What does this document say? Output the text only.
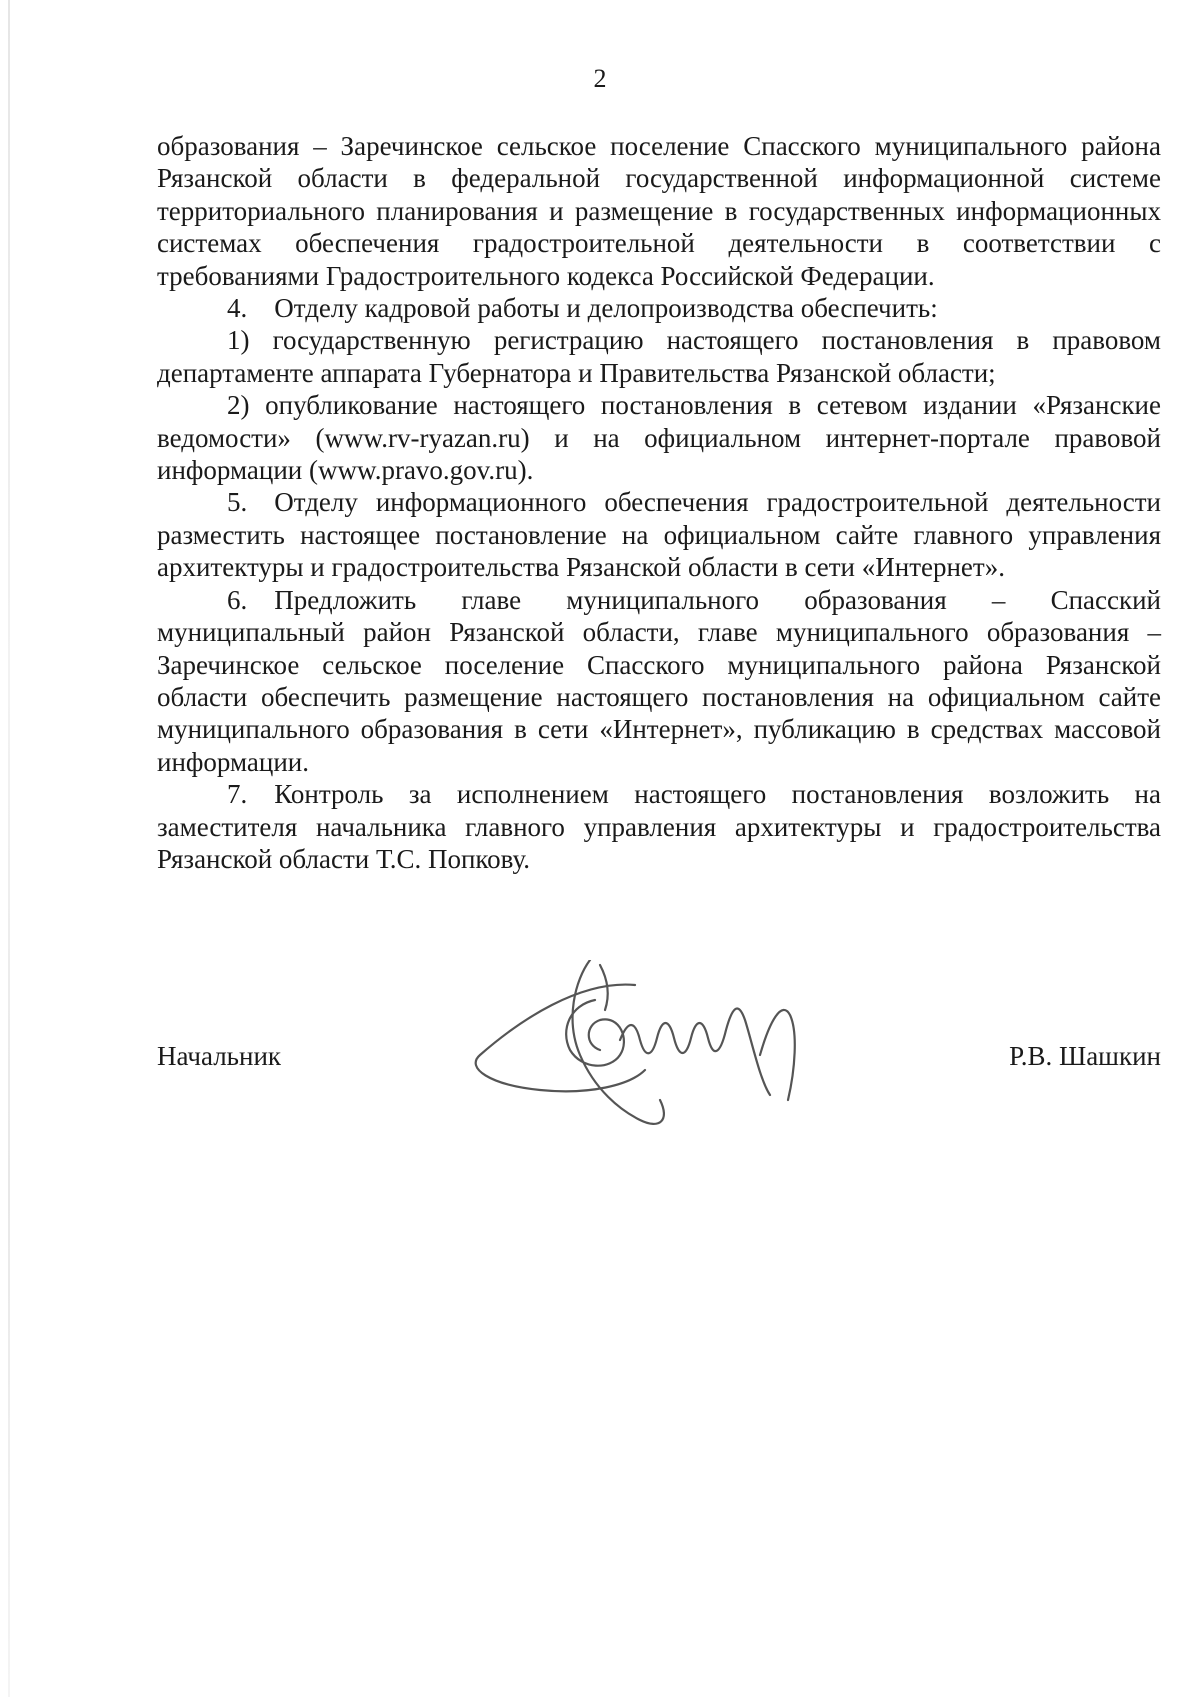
2

образования – Заречинское сельское поселение Спасского муниципального района Рязанской области в федеральной государственной информационной системе территориального планирования и размещение в государственных информационных системах обеспечения градостроительной деятельности в соответствии с требованиями Градостроительного кодекса Российской Федерации.

4. Отделу кадровой работы и делопроизводства обеспечить:

1) государственную регистрацию настоящего постановления в правовом департаменте аппарата Губернатора и Правительства Рязанской области;

2) опубликование настоящего постановления в сетевом издании «Рязанские ведомости» (www.rv-ryazan.ru) и на официальном интернет-портале правовой информации (www.pravo.gov.ru).

5. Отделу информационного обеспечения градостроительной деятельности разместить настоящее постановление на официальном сайте главного управления архитектуры и градостроительства Рязанской области в сети «Интернет».

6. Предложить главе муниципального образования – Спасский муниципальный район Рязанской области, главе муниципального образования – Заречинское сельское поселение Спасского муниципального района Рязанской области обеспечить размещение настоящего постановления на официальном сайте муниципального образования в сети «Интернет», публикацию в средствах массовой информации.

7. Контроль за исполнением настоящего постановления возложить на заместителя начальника главного управления архитектуры и градостроительства Рязанской области Т.С. Попкову.

Начальник	Р.В. Шашкин
